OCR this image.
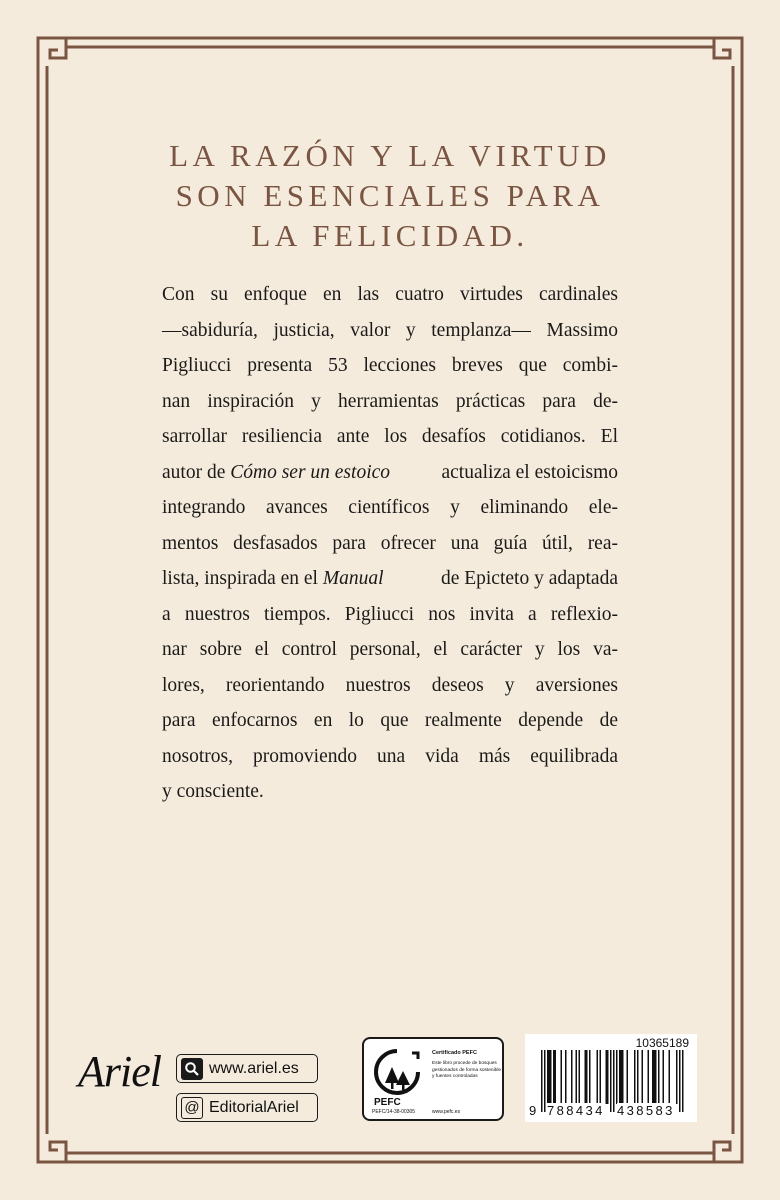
LA RAZÓN Y LA VIRTUD
SON ESENCIALES PARA
LA FELICIDAD.
Con su enfoque en las cuatro virtudes cardinales
—sabiduría, justicia, valor y templanza— Massimo
Pigliucci presenta 53 lecciones breves que combi-
nan inspiración y herramientas prácticas para de-
sarrollar resiliencia ante los desafíos cotidianos. El
autor de Cómo ser un estoico	actualiza el estoicismo
integrando avances científicos y eliminando ele-
mentos desfasados para ofrecer una guía útil, rea-
lista, inspirada en el Manual	de Epicteto y adaptada
a nuestros tiempos. Pigliucci nos invita a reflexio-
nar sobre el control personal, el carácter y los va-
lores, reorientando nuestros deseos y aversiones
para enfocarnos en lo que realmente depende de
nosotros, promoviendo una vida más equilibrada
y consciente.
Ariel	www.ariel.es
@ EditorialAriel	PEFC
PEFC/14-38-00305
Certificado PEFC
Este libro procede de bosques gestionados de forma sostenible y fuentes controladas
www.pefc.es
10365189
9 788434 438583
